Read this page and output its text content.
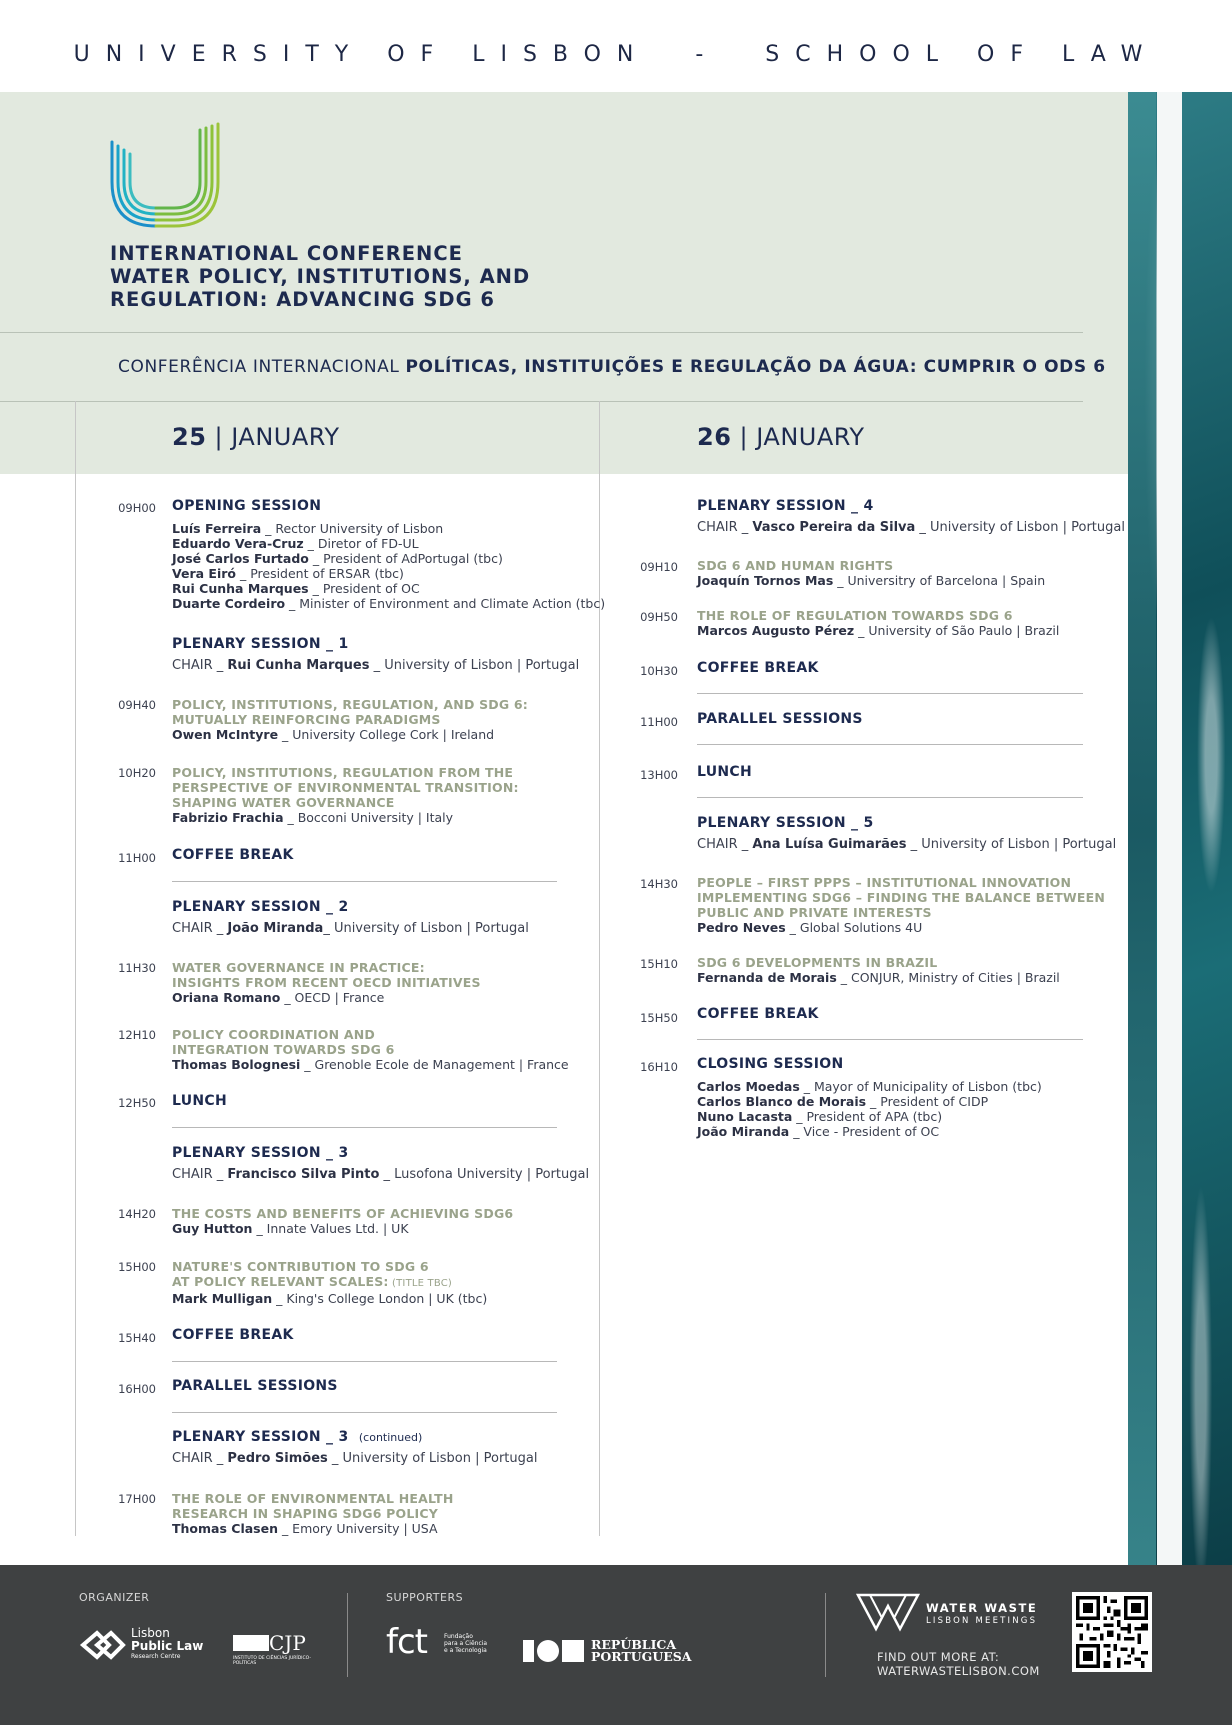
UNIVERSITY OF LISBON  -  SCHOOL OF LAW
INTERNATIONAL CONFERENCE
WATER POLICY, INSTITUTIONS, AND
REGULATION: ADVANCING SDG 6
CONFERÊNCIA INTERNACIONAL POLÍTICAS, INSTITUIÇÕES E REGULAÇÃO DA ÁGUA: CUMPRIR O ODS 6
25 | JANUARY	26 | JANUARY
09H00 OPENING SESSION
Luís Ferreira _ Rector University of Lisbon
Eduardo Vera-Cruz _ Diretor of FD-UL
José Carlos Furtado _ President of AdPortugal (tbc)
Vera Eiró _ President of ERSAR (tbc)
Rui Cunha Marques _ President of OC
Duarte Cordeiro _ Minister of Environment and Climate Action (tbc)
PLENARY SESSION _ 1
CHAIR _ Rui Cunha Marques _ University of Lisbon | Portugal
09H40 POLICY, INSTITUTIONS, REGULATION, AND SDG 6:
MUTUALLY REINFORCING PARADIGMS
Owen McIntyre _ University College Cork | Ireland
10H20 POLICY, INSTITUTIONS, REGULATION FROM THE
PERSPECTIVE OF ENVIRONMENTAL TRANSITION:
SHAPING WATER GOVERNANCE
Fabrizio Frachia _ Bocconi University | Italy
11H00 COFFEE BREAK
PLENARY SESSION _ 2
CHAIR _ João Miranda_ University of Lisbon | Portugal
11H30 WATER GOVERNANCE IN PRACTICE:
INSIGHTS FROM RECENT OECD INITIATIVES
Oriana Romano _ OECD | France
12H10 POLICY COORDINATION AND
INTEGRATION TOWARDS SDG 6
Thomas Bolognesi _ Grenoble Ecole de Management | France
12H50 LUNCH
PLENARY SESSION _ 3
CHAIR _ Francisco Silva Pinto _ Lusofona University | Portugal
14H20 THE COSTS AND BENEFITS OF ACHIEVING SDG6
Guy Hutton _ Innate Values Ltd. | UK
15H00 NATURE'S CONTRIBUTION TO SDG 6
AT POLICY RELEVANT SCALES: (TITLE TBC)
Mark Mulligan _ King's College London | UK (tbc)
15H40 COFFEE BREAK
16H00 PARALLEL SESSIONS
PLENARY SESSION _ 3 (continued)
CHAIR _ Pedro Simões _ University of Lisbon | Portugal
17H00 THE ROLE OF ENVIRONMENTAL HEALTH
RESEARCH IN SHAPING SDG6 POLICY
Thomas Clasen _ Emory University | USA
PLENARY SESSION _ 4
CHAIR _ Vasco Pereira da Silva _ University of Lisbon | Portugal
09H10 SDG 6 AND HUMAN RIGHTS
Joaquín Tornos Mas _ Universitry of Barcelona | Spain
09H50 THE ROLE OF REGULATION TOWARDS SDG 6
Marcos Augusto Pérez _ University of São Paulo | Brazil
10H30 COFFEE BREAK
11H00 PARALLEL SESSIONS
13H00 LUNCH
PLENARY SESSION _ 5
CHAIR _ Ana Luísa Guimarães _ University of Lisbon | Portugal
14H30 PEOPLE – FIRST PPPS – INSTITUTIONAL INNOVATION
IMPLEMENTING SDG6 – FINDING THE BALANCE BETWEEN
PUBLIC AND PRIVATE INTERESTS
Pedro Neves _ Global Solutions 4U
15H10 SDG 6 DEVELOPMENTS IN BRAZIL
Fernanda de Morais _ CONJUR, Ministry of Cities | Brazil
15H50 COFFEE BREAK
16H10 CLOSING SESSION
Carlos Moedas _ Mayor of Municipality of Lisbon (tbc)
Carlos Blanco de Morais _ President of CIDP
Nuno Lacasta _ President of APA (tbc)
João Miranda _ Vice - President of OC
ORGANIZER	SUPPORTERS
Lisbon
Public Law
Research Centre
CJP
INSTITUTO DE CIÊNCIAS JURÍDICO-POLÍTICAS
fct	Fundação
para a Ciência
e a Tecnologia	REPÚBLICA
PORTUGUESA
WATER WASTE
LISBON MEETINGS
FIND OUT MORE AT:
WATERWASTELISBON.COM
